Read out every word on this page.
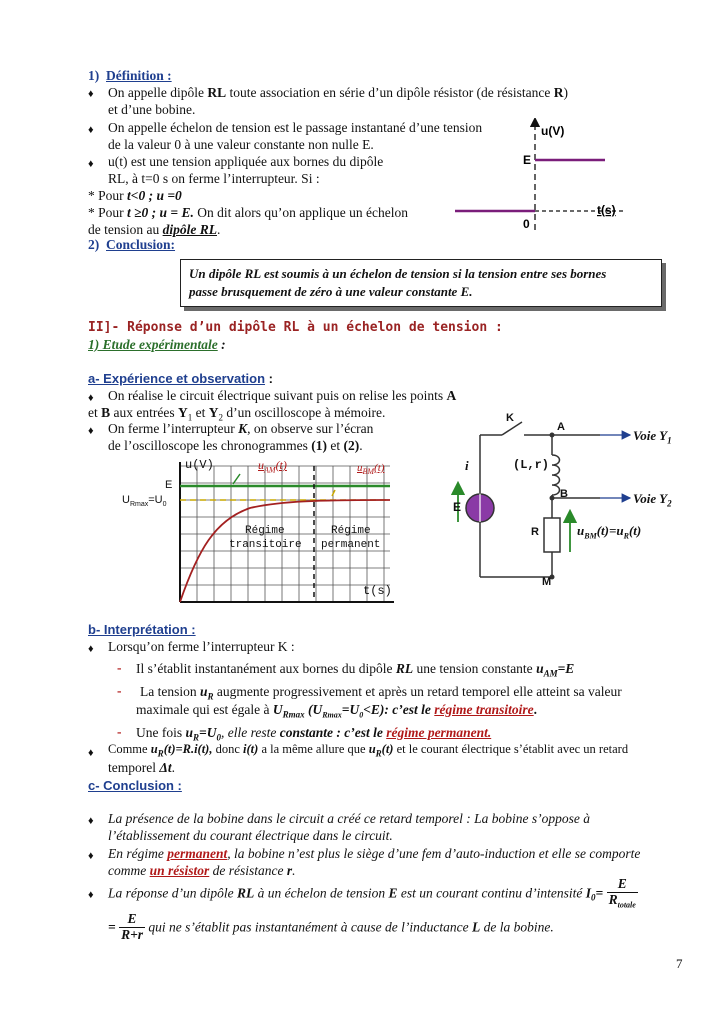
1) Définition :
♦ On appelle dipôle RL toute association en série d’un dipôle résistor (de résistance R)
et d’une bobine.
♦ On appelle échelon de tension est le passage instantané d’une tension
de la valeur 0 à une valeur constante non nulle E.
♦ u(t) est une tension appliquée aux bornes du dipôle
RL, à t=0 s on ferme l’interrupteur. Si :
* Pour t<0 ; u =0
* Pour t ≥0 ; u = E. On dit alors qu’on applique un échelon
de tension au dipôle RL.
u(V)
E
t(s)
0
2) Conclusion:
Un dipôle RL est soumis à un échelon de tension si la tension entre ses bornes
passe brusquement de zéro à une valeur constante E.
II]- Réponse d’un dipôle RL à un échelon de tension :
1) Etude expérimentale :
a- Expérience et observation :
♦ On réalise le circuit électrique suivant puis on relise les points A
et B aux entrées $Y_1$ et $Y_2$ d’un oscilloscope à mémoire.
♦ On ferme l’interrupteur K, on observe sur l’écran
de l’oscilloscope les chronogrammes (1) et (2).
u(V)	$u_{AM}(t)$	$u_{BM}(t)$
E
$U_{Rmax}=U_0$
Régime
transitoire
Régime
permanent
t(s)
K
A
Voie $Y_1$
i	(L,r)
B	Voie $Y_2$
E
R	$u_{BM}(t)=u_R(t)$
M
b- Interprétation :
♦ Lorsqu’on ferme l’interrupteur K :
- Il s’établit instantanément aux bornes du dipôle RL une tension constante $u_{AM}=E$
- La tension $u_R$ augmente progressivement et après un retard temporel elle atteint sa valeur
maximale qui est égale à $U_{Rmax}$ $(U_{Rmax}=U_0<E)$: c’est le régime transitoire.
- Une fois $u_R=U_0$, elle reste constante : c’est le régime permanent.
♦ Comme $u_R(t)=R.i(t)$, donc i(t) a la même allure que $u_R(t)$ et le courant électrique s’établit avec un retard
temporel Δt.
c- Conclusion :
♦ La présence de la bobine dans le circuit a créé ce retard temporel : La bobine s’oppose à
l’établissement du courant électrique dans le circuit.
♦ En régime permanent, la bobine n’est plus le siège d’une fem d’auto-induction et elle se comporte
comme un résistor de résistance r.
♦ La réponse d’un dipôle RL à un échelon de tension E est un courant continu d’intensité $I_0= \frac{E}{R_{totale}}$
= $\frac{E}{R+r}$ qui ne s’établit pas instantanément à cause de l’inductance L de la bobine.
7
